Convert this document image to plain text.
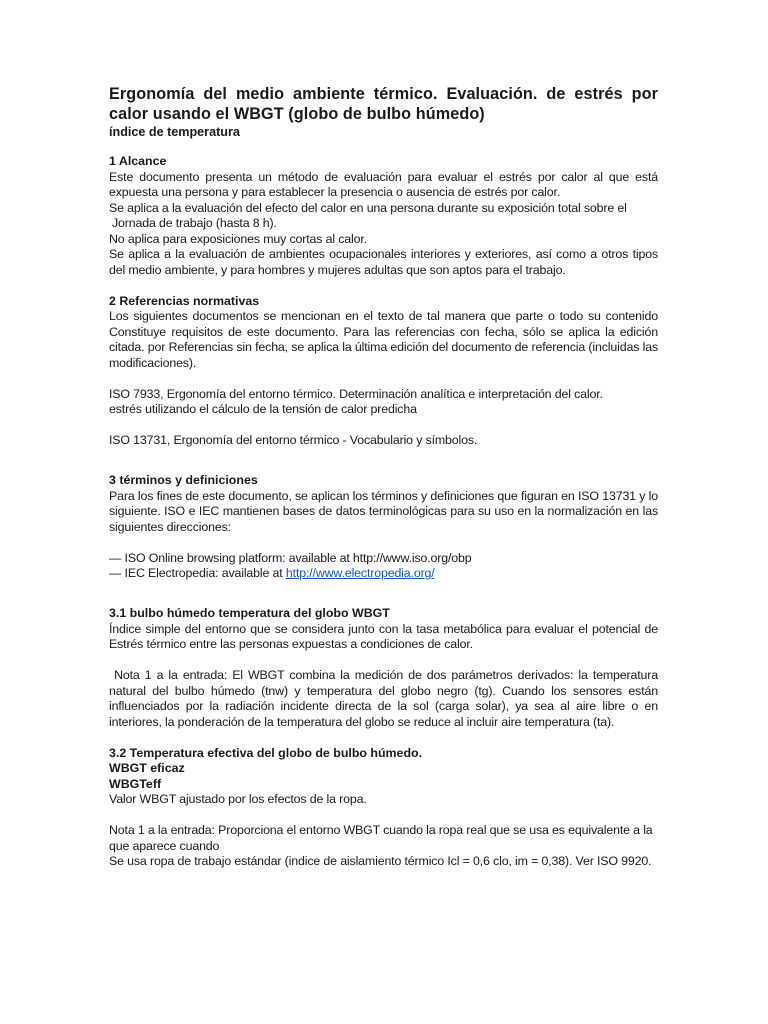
Ergonomía del medio ambiente térmico. Evaluación. de estrés por calor usando el WBGT (globo de bulbo húmedo)
índice de temperatura
1 Alcance

Este documento presenta un método de evaluación para evaluar el estrés por calor al que está expuesta una persona y para establecer la presencia o ausencia de estrés por calor.

Se aplica a la evaluación del efecto del calor en una persona durante su exposición total sobre el
Jornada de trabajo (hasta 8 h).
No aplica para exposiciones muy cortas al calor.

Se aplica a la evaluación de ambientes ocupacionales interiores y exteriores, así como a otros tipos del medio ambiente, y para hombres y mujeres adultas que son aptos para el trabajo.

2 Referencias normativas

Los siguientes documentos se mencionan en el texto de tal manera que parte o todo su contenido Constituye requisitos de este documento. Para las referencias con fecha, sólo se aplica la edición citada. por Referencias sin fecha, se aplica la última edición del documento de referencia (incluidas las modificaciones).

ISO 7933, Ergonomía del entorno térmico. Determinación analítica e interpretación del calor.
estrés utilizando el cálculo de la tensión de calor predicha
ISO 13731, Ergonomía del entorno térmico - Vocabulario y símbolos.
3 términos y definiciones

Para los fines de este documento, se aplican los términos y definiciones que figuran en ISO 13731 y lo siguiente. ISO e IEC mantienen bases de datos terminológicas para su uso en la normalización en las siguientes direcciones:

— ISO Online browsing platform: available at http://www.iso.org/obp
— IEC Electropedia: available at http://www.electropedia.org/
3.1 bulbo húmedo temperatura del globo WBGT

Índice simple del entorno que se considera junto con la tasa metabólica para evaluar el potencial de Estrés térmico entre las personas expuestas a condiciones de calor.

Nota 1 a la entrada: El WBGT combina la medición de dos parámetros derivados: la temperatura natural del bulbo húmedo (tnw) y temperatura del globo negro (tg). Cuando los sensores están influenciados por la radiación incidente directa de la sol (carga solar), ya sea al aire libre o en interiores, la ponderación de la temperatura del globo se reduce al incluir aire temperatura (ta).

3.2 Temperatura efectiva del globo de bulbo húmedo.
WBGT eficaz
WBGTeff
Valor WBGT ajustado por los efectos de la ropa.

Nota 1 a la entrada: Proporciona el entorno WBGT cuando la ropa real que se usa es equivalente a la que aparece cuando

Se usa ropa de trabajo estándar (indice de aislamiento térmico Icl = 0,6 clo, im = 0,38). Ver ISO 9920.
